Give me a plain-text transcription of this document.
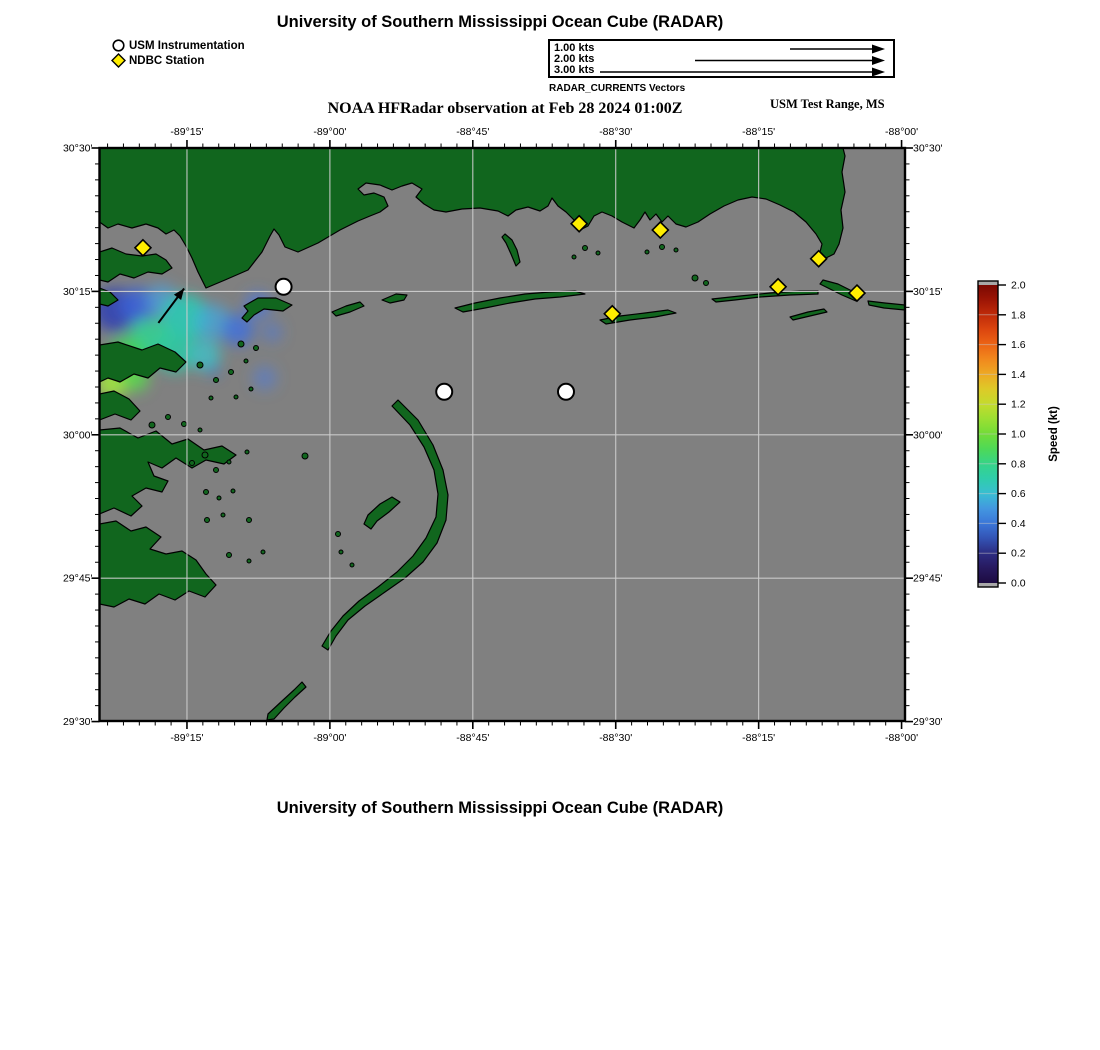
-89°15'
-89°15'
-89°00'
-89°00'
-88°45'
-88°45'
-88°30'
-88°30'
-88°15'
-88°15'
-88°00'
-88°00'
30°30'	30°30'
30°15'	30°15'
30°00'	30°00'
29°45'	29°45'
29°30'	29°30'
0.0
0.2
0.4
0.6
0.8
1.0
1.2
1.4
1.6
1.8
2.0
University of Southern Mississippi Ocean Cube (RADAR)
USM Instrumentation
NDBC Station
1.00 kts
2.00 kts
3.00 kts
RADAR_CURRENTS Vectors
NOAA HFRadar observation at Feb 28 2024 01:00Z	USM Test Range, MS
Speed (kt)
University of Southern Mississippi Ocean Cube (RADAR)
